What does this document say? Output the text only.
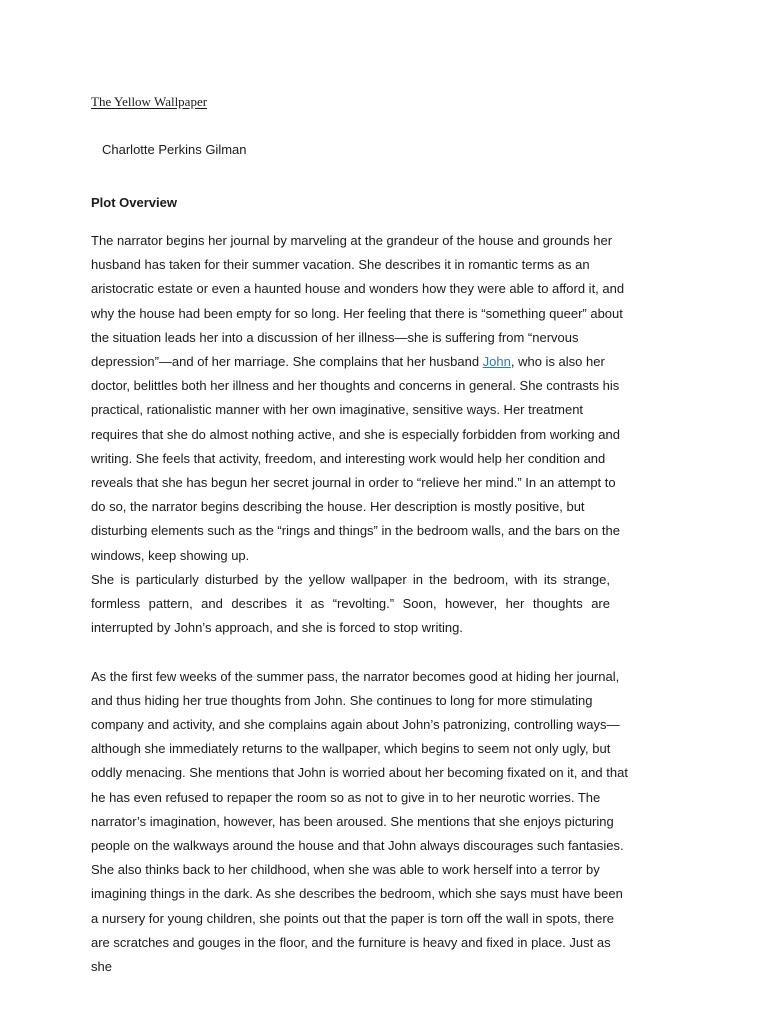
The Yellow Wallpaper
Charlotte Perkins Gilman
Plot Overview

The narrator begins her journal by marveling at the grandeur of the house and grounds her husband has taken for their summer vacation. She describes it in romantic terms as an aristocratic estate or even a haunted house and wonders how they were able to afford it, and why the house had been empty for so long. Her feeling that there is “something queer” about the situation leads her into a discussion of her illness—she is suffering from “nervous depression”—and of her marriage. She complains that her husband John, who is also her doctor, belittles both her illness and her thoughts and concerns in general. She contrasts his practical, rationalistic manner with her own imaginative, sensitive ways. Her treatment requires that she do almost nothing active, and she is especially forbidden from working and writing. She feels that activity, freedom, and interesting work would help her condition and reveals that she has begun her secret journal in order to “relieve her mind.” In an attempt to do so, the narrator begins describing the house. Her description is mostly positive, but disturbing elements such as the “rings and things” in the bedroom walls, and the bars on the windows, keep showing up.

She is particularly disturbed by the yellow wallpaper in the bedroom, with its strange, formless pattern, and describes it as “revolting.” Soon, however, her thoughts are interrupted by John’s approach, and she is forced to stop writing.

As the first few weeks of the summer pass, the narrator becomes good at hiding her journal, and thus hiding her true thoughts from John. She continues to long for more stimulating company and activity, and she complains again about John’s patronizing, controlling ways—although she immediately returns to the wallpaper, which begins to seem not only ugly, but oddly menacing. She mentions that John is worried about her becoming fixated on it, and that he has even refused to repaper the room so as not to give in to her neurotic worries. The narrator’s imagination, however, has been aroused. She mentions that she enjoys picturing people on the walkways around the house and that John always discourages such fantasies. She also thinks back to her childhood, when she was able to work herself into a terror by imagining things in the dark. As she describes the bedroom, which she says must have been a nursery for young children, she points out that the paper is torn off the wall in spots, there are scratches and gouges in the floor, and the furniture is heavy and fixed in place. Just as she
